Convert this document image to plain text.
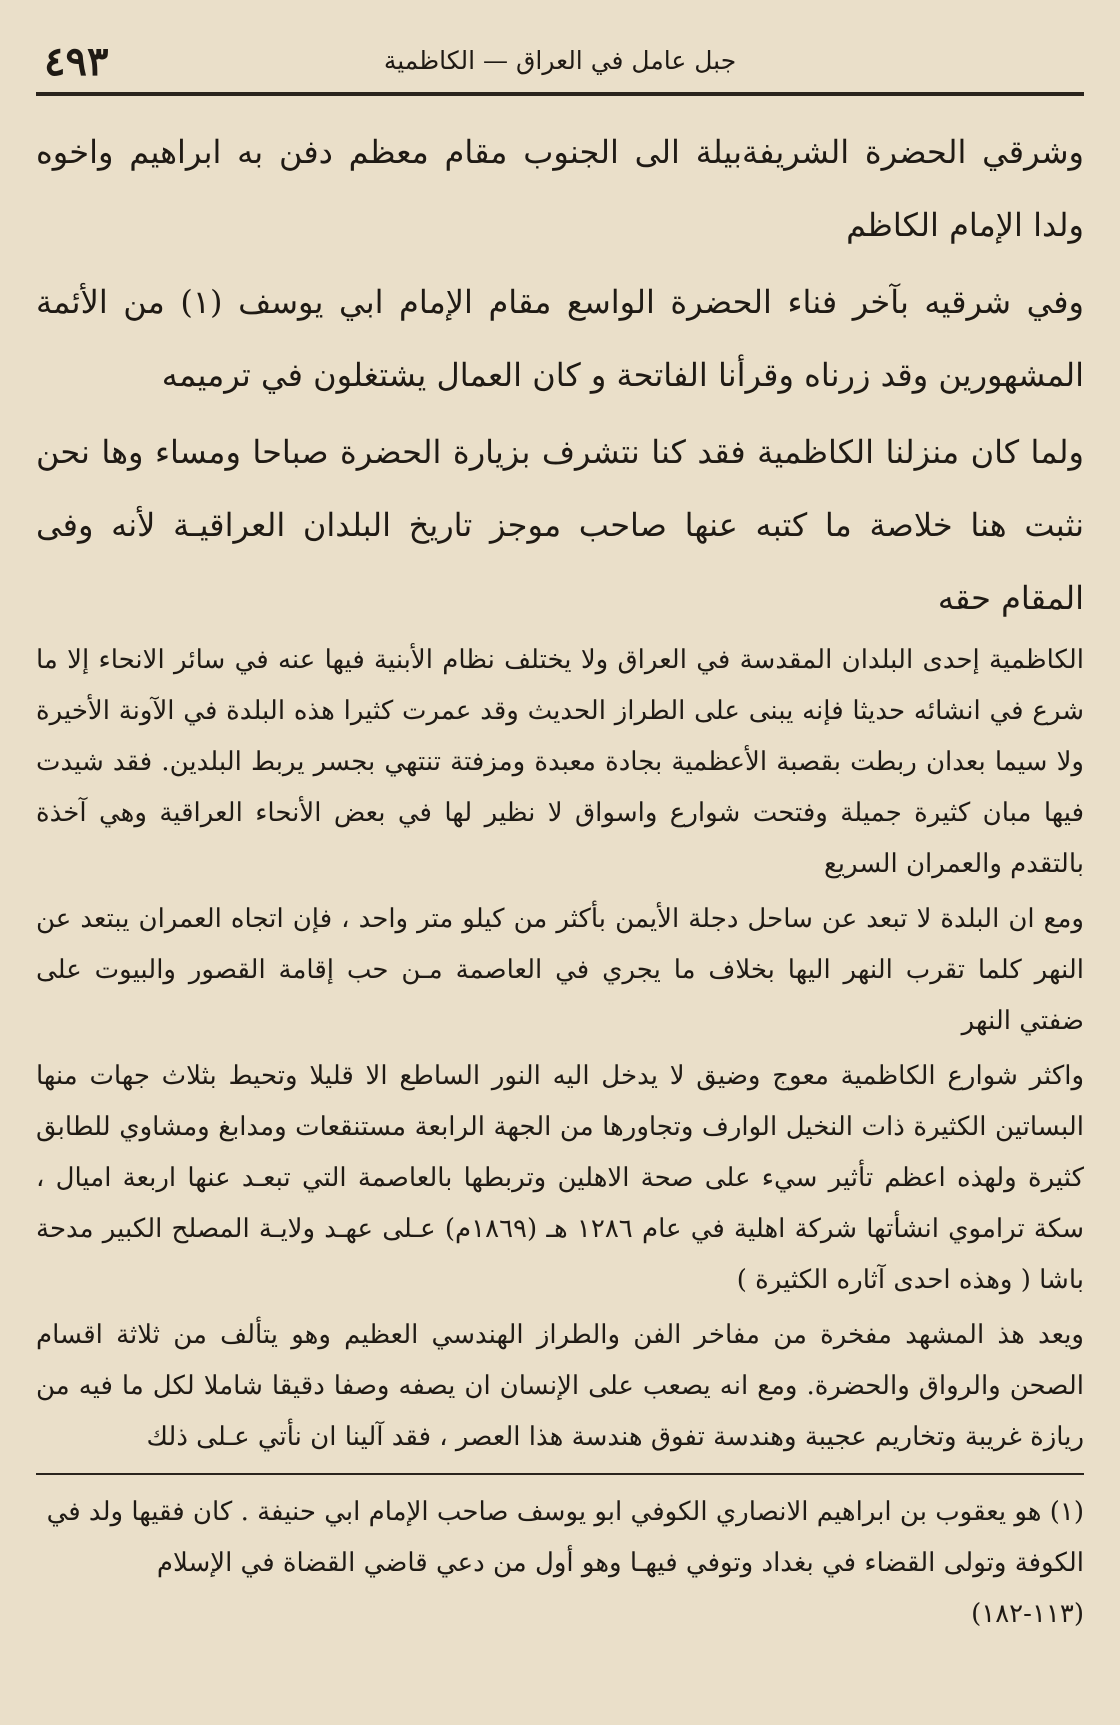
٤٩٣	جبل عامل في العراق — الكاظمية

وشرقي الحضرة الشريفةبيلة الى الجنوب مقام معظم دفن به ابراهيم واخوه ولدا الإمام الكاظم

وفي شرقيه بآخر فناء الحضرة الواسع مقام الإمام ابي يوسف (١) من الأئمة المشهورين وقد زرناه وقرأنا الفاتحة و كان العمال يشتغلون في ترميمه

ولما كان منزلنا الكاظمية فقد كنا نتشرف بزيارة الحضرة صباحا ومساء وها نحن نثبت هنا خلاصة ما كتبه عنها صاحب موجز تاريخ البلدان العراقيـة لأنه وفى المقام حقه

الكاظمية إحدى البلدان المقدسة في العراق ولا يختلف نظام الأبنية فيها عنه في سائر الانحاء إلا ما شرع في انشائه حديثا فإنه يبنى على الطراز الحديث وقد عمرت كثيرا هذه البلدة في الآونة الأخيرة ولا سيما بعدان ربطت بقصبة الأعظمية بجادة معبدة ومزفتة تنتهي بجسر يربط البلدين. فقد شيدت فيها مبان كثيرة جميلة وفتحت شوارع واسواق لا نظير لها في بعض الأنحاء العراقية وهي آخذة بالتقدم والعمران السريع

ومع ان البلدة لا تبعد عن ساحل دجلة الأيمن بأكثر من كيلو متر واحد ، فإن اتجاه العمران يبتعد عن النهر كلما تقرب النهر اليها بخلاف ما يجري في العاصمة مـن حب إقامة القصور والبيوت على ضفتي النهر

واكثر شوارع الكاظمية معوج وضيق لا يدخل اليه النور الساطع الا قليلا وتحيط بثلاث جهات منها البساتين الكثيرة ذات النخيل الوارف وتجاورها من الجهة الرابعة مستنقعات ومدابغ ومشاوي للطابق كثيرة ولهذه اعظم تأثير سيء على صحة الاهلين وتربطها بالعاصمة التي تبعـد عنها اربعة اميال ، سكة تراموي انشأتها شركة اهلية في عام ١٢٨٦ هـ (١٨٦٩م) عـلى عهـد ولايـة المصلح الكبير مدحة باشا ( وهذه احدى آثاره الكثيرة )

ويعد هذ المشهد مفخرة من مفاخر الفن والطراز الهندسي العظيم وهو يتألف من ثلاثة اقسام الصحن والرواق والحضرة. ومع انه يصعب على الإنسان ان يصفه وصفا دقيقا شاملا لكل ما فيه من ريازة غريبة وتخاريم عجيبة وهندسة تفوق هندسة هذا العصر ، فقد آلينا ان نأتي عـلى ذلك

(١) هو يعقوب بن ابراهيم الانصاري الكوفي ابو يوسف صاحب الإمام ابي حنيفة . كان فقيها ولد في الكوفة وتولى القضاء في بغداد وتوفي فيهـا وهو أول من دعي قاضي القضاة في الإسلام (١١٣-١٨٢)
